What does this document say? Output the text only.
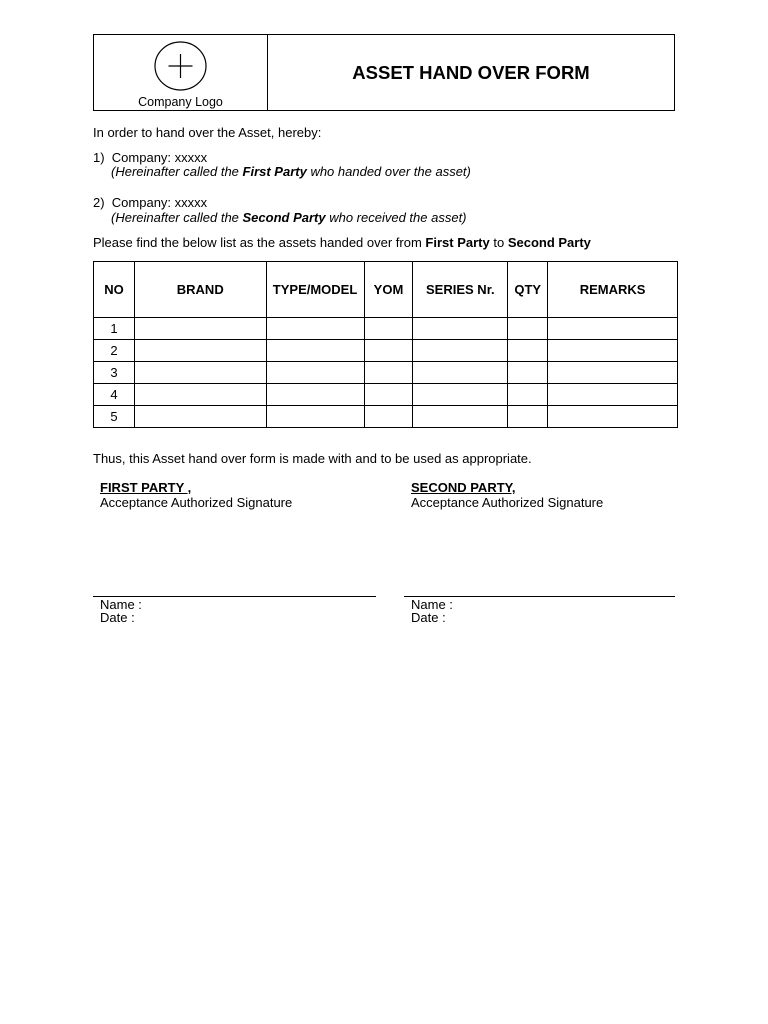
Company Logo
ASSET HAND OVER FORM
In order to hand over the Asset, hereby:
1) Company: xxxxx
(Hereinafter called the First Party who handed over the asset)
2) Company: xxxxx
(Hereinafter called the Second Party who received the asset)
Please find the below list as the assets handed over from First Party to Second Party
NO	BRAND	TYPE/MODEL	YOM	SERIES Nr.	QTY	REMARKS
1						
2						
3						
4						
5						
Thus, this Asset hand over form is made with and to be used as appropriate.
FIRST PARTY ,
Acceptance Authorized Signature
Name :
Date :
SECOND PARTY,
Acceptance Authorized Signature
Name :
Date :
